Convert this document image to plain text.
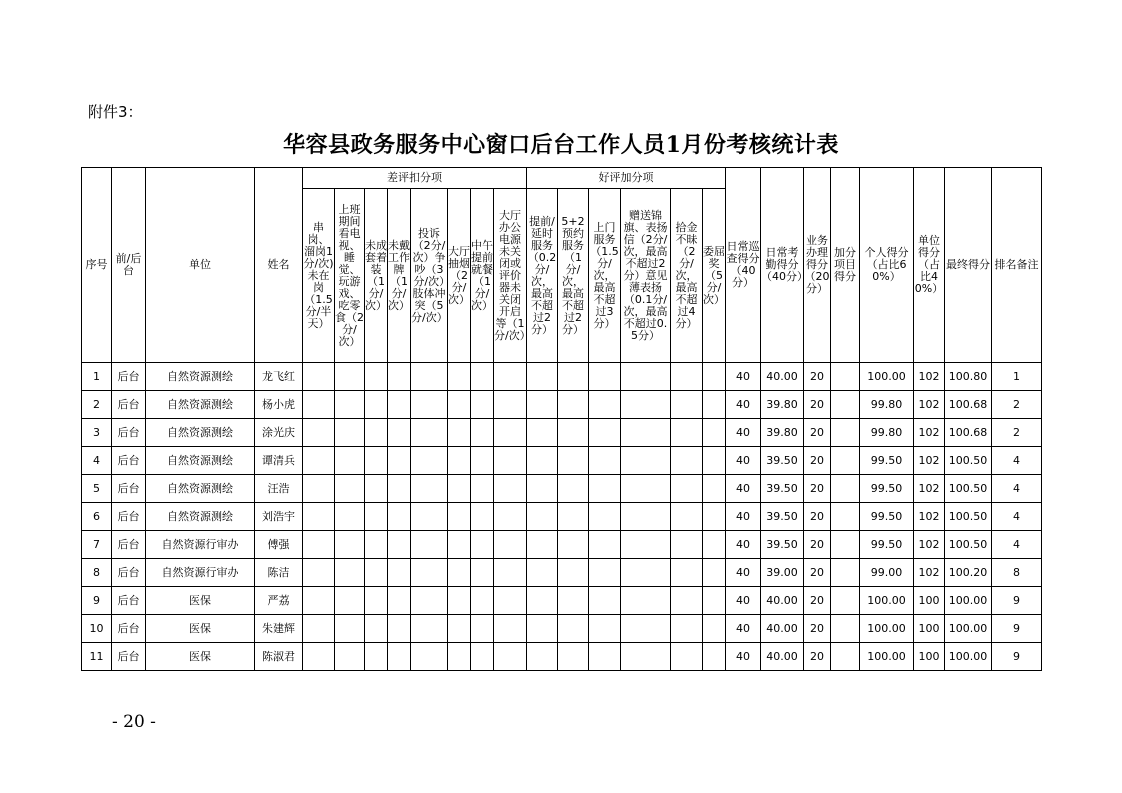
附件3：
华容县政务服务中心窗口后台工作人员1月份考核统计表
序号	前/后台	单位	姓名	差评扣分项								好评加分项						日常巡查得分（40分）	日常考勤得分（40分）	业务办理得分（20分）	加分项目得分	个人得分（占比60%）	单位得分（占比40%）	最终得分	排名备注
				串岗、溜岗1分/次)未在岗（1.5分/半天）	上班期间看电视、睡觉、玩游戏、吃零食（2分/次）	未成套着装（1分/次）	未戴工作牌（1分/次）	投诉（2分/次）争吵（3分/次）肢体冲突（5分/次）	大厅抽烟（2分/次）	中午提前就餐（1分/次）	大厅办公电源未关闭或评价器未关闭开启等（1分/次）	提前/延时服务（0.2分/次，最高不超过2分）	5+2预约服务（1分/次，最高不超过2分）	上门服务（1.5分/次，最高不超过3分）	赠送锦旗、表扬信（2分/次，最高不超过2分）意见薄表扬（0.1分/次，最高不超过0.5分）	拾金不昧（2分/次，最高不超过4分）	委屈奖（5分/次）								
1	后台	自然资源测绘	龙飞红															40	40.00	20		100.00	102	100.80	1
2	后台	自然资源测绘	杨小虎															40	39.80	20		99.80	102	100.68	2
3	后台	自然资源测绘	涂光庆															40	39.80	20		99.80	102	100.68	2
4	后台	自然资源测绘	谭清兵															40	39.50	20		99.50	102	100.50	4
5	后台	自然资源测绘	汪浩															40	39.50	20		99.50	102	100.50	4
6	后台	自然资源测绘	刘浩宇															40	39.50	20		99.50	102	100.50	4
7	后台	自然资源行审办	傅强															40	39.50	20		99.50	102	100.50	4
8	后台	自然资源行审办	陈洁															40	39.00	20		99.00	102	100.20	8
9	后台	医保	严荔															40	40.00	20		100.00	100	100.00	9
10	后台	医保	朱建辉															40	40.00	20		100.00	100	100.00	9
11	后台	医保	陈淑君															40	40.00	20		100.00	100	100.00	9
- 20 -
